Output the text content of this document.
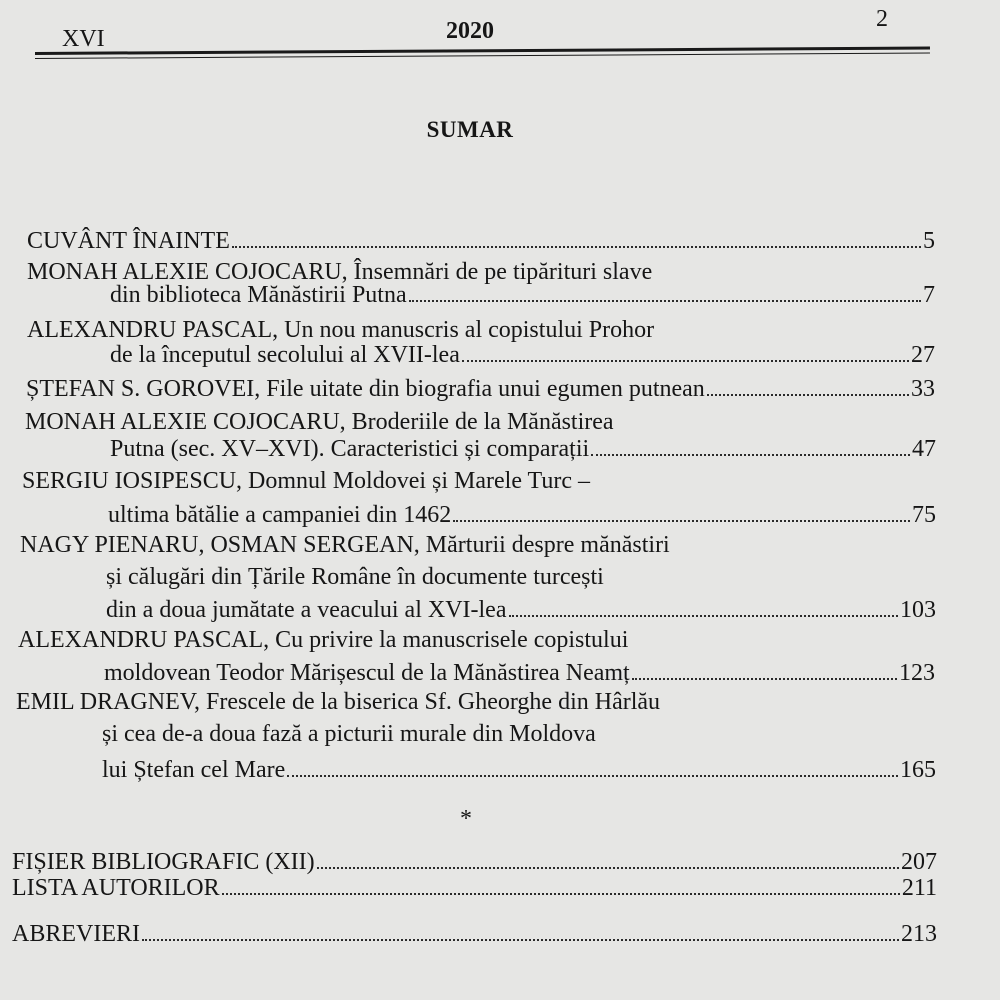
XVI	2020	2
SUMAR
CUVÂNT ÎNAINTE	5
MONAH ALEXIE COJOCARU, Însemnări de pe tipărituri slave
din biblioteca Mănăstirii Putna	7
ALEXANDRU PASCAL, Un nou manuscris al copistului Prohor
de la începutul secolului al XVII-lea	27
ȘTEFAN S. GOROVEI, File uitate din biografia unui egumen putnean	33
MONAH ALEXIE COJOCARU, Broderiile de la Mănăstirea
Putna (sec. XV–XVI). Caracteristici și comparații	47
SERGIU IOSIPESCU, Domnul Moldovei și Marele Turc –
ultima bătălie a campaniei din 1462	75
NAGY PIENARU, OSMAN SERGEAN, Mărturii despre mănăstiri
și călugări din Țările Române în documente turcești
din a doua jumătate a veacului al XVI-lea	103
ALEXANDRU PASCAL, Cu privire la manuscrisele copistului
moldovean Teodor Mărișescul de la Mănăstirea Neamț	123
EMIL DRAGNEV, Frescele de la biserica Sf. Gheorghe din Hârlău
și cea de-a doua fază a picturii murale din Moldova
lui Ștefan cel Mare	165
*
FIȘIER BIBLIOGRAFIC (XII)	207
LISTA AUTORILOR	211
ABREVIERI	213
